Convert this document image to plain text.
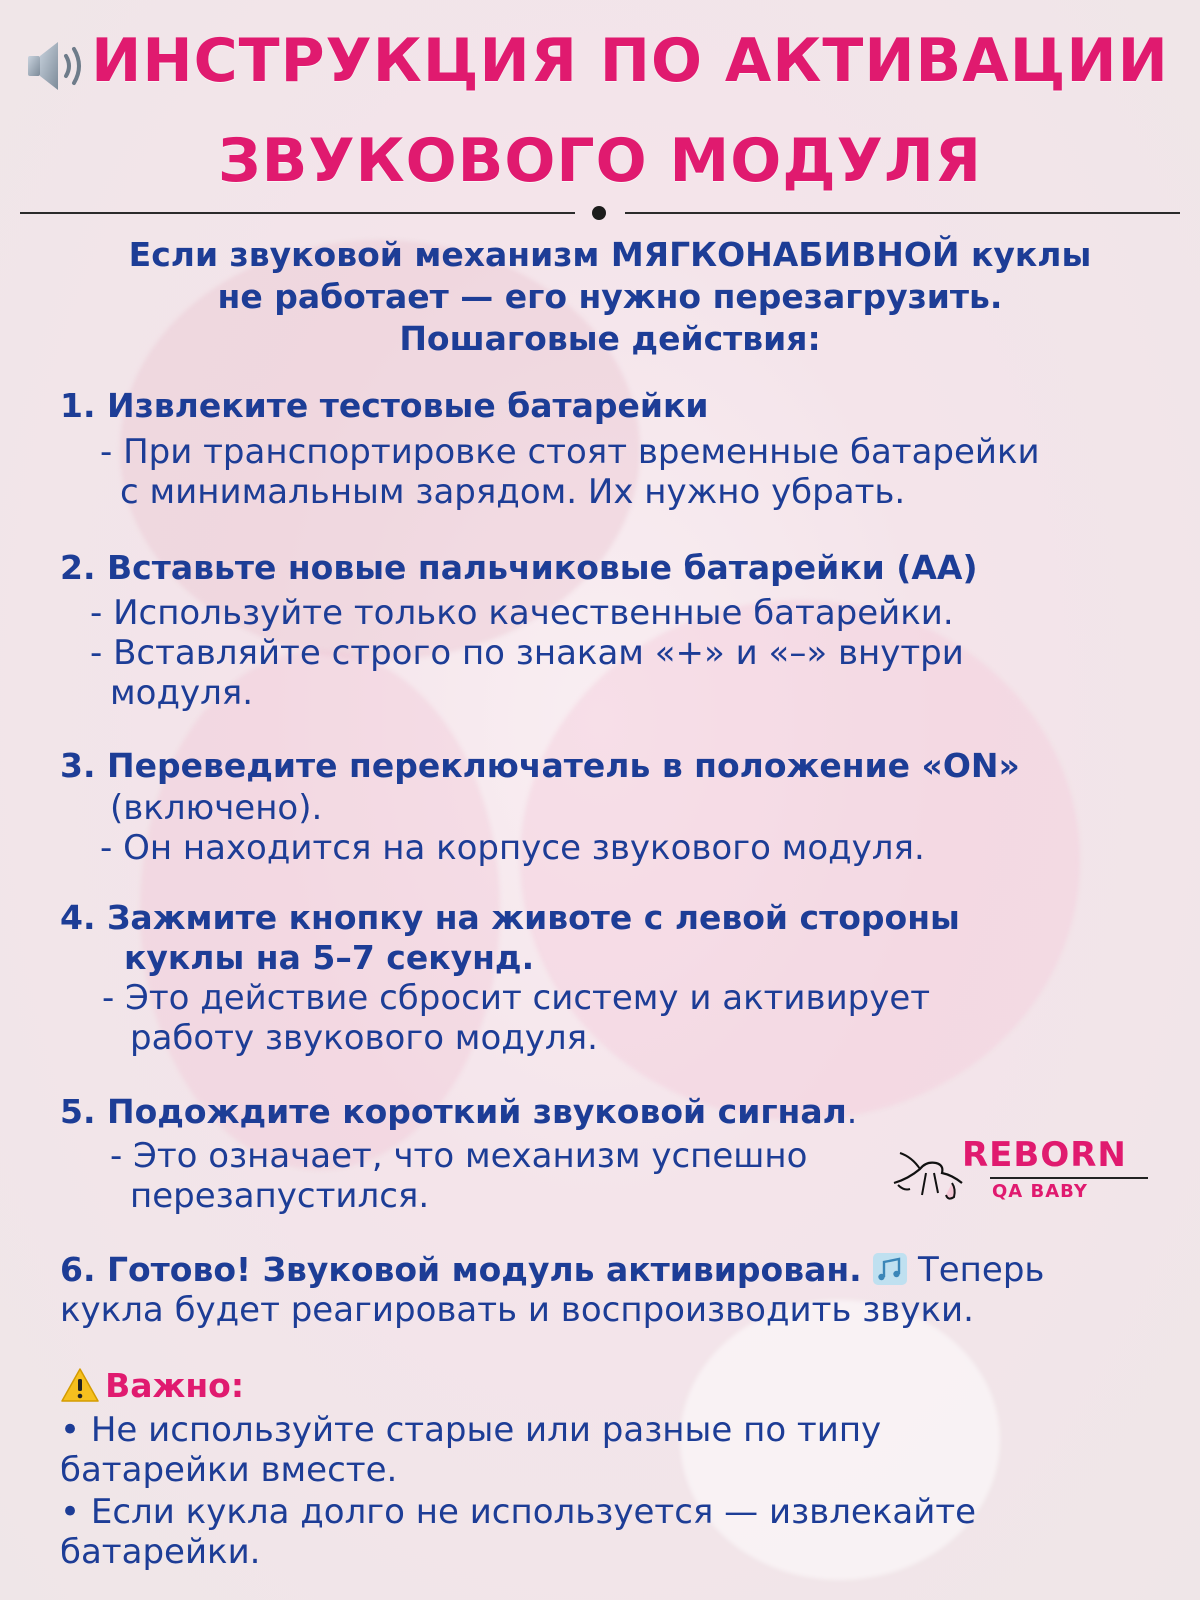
ИНСТРУКЦИЯ ПО АКТИВАЦИИ
ЗВУКОВОГО МОДУЛЯ
Если звуковой механизм МЯГКОНАБИВНОЙ куклы
не работает — его нужно перезагрузить.
Пошаговые действия:
1. Извлеките тестовые батарейки
- При транспортировке стоят временные батарейки
с минимальным зарядом. Их нужно убрать.
2. Вставьте новые пальчиковые батарейки (АА)
- Используйте только качественные батарейки.
- Вставляйте строго по знакам «+» и «–» внутри
модуля.
3. Переведите переключатель в положение «ON»
(включено).
- Он находится на корпусе звукового модуля.
4. Зажмите кнопку на животе с левой стороны
куклы на 5–7 секунд.
- Это действие сбросит систему и активирует
работу звукового модуля.
5. Подождите короткий звуковой сигнал.
- Это означает, что механизм успешно
перезапустился.
REBORN
QA BABY
6. Готово! Звуковой модуль активирован.  Теперь
кукла будет реагировать и воспроизводить звуки.
Важно:
• Не используйте старые или разные по типу
батарейки вместе.
• Если кукла долго не используется — извлекайте
батарейки.
